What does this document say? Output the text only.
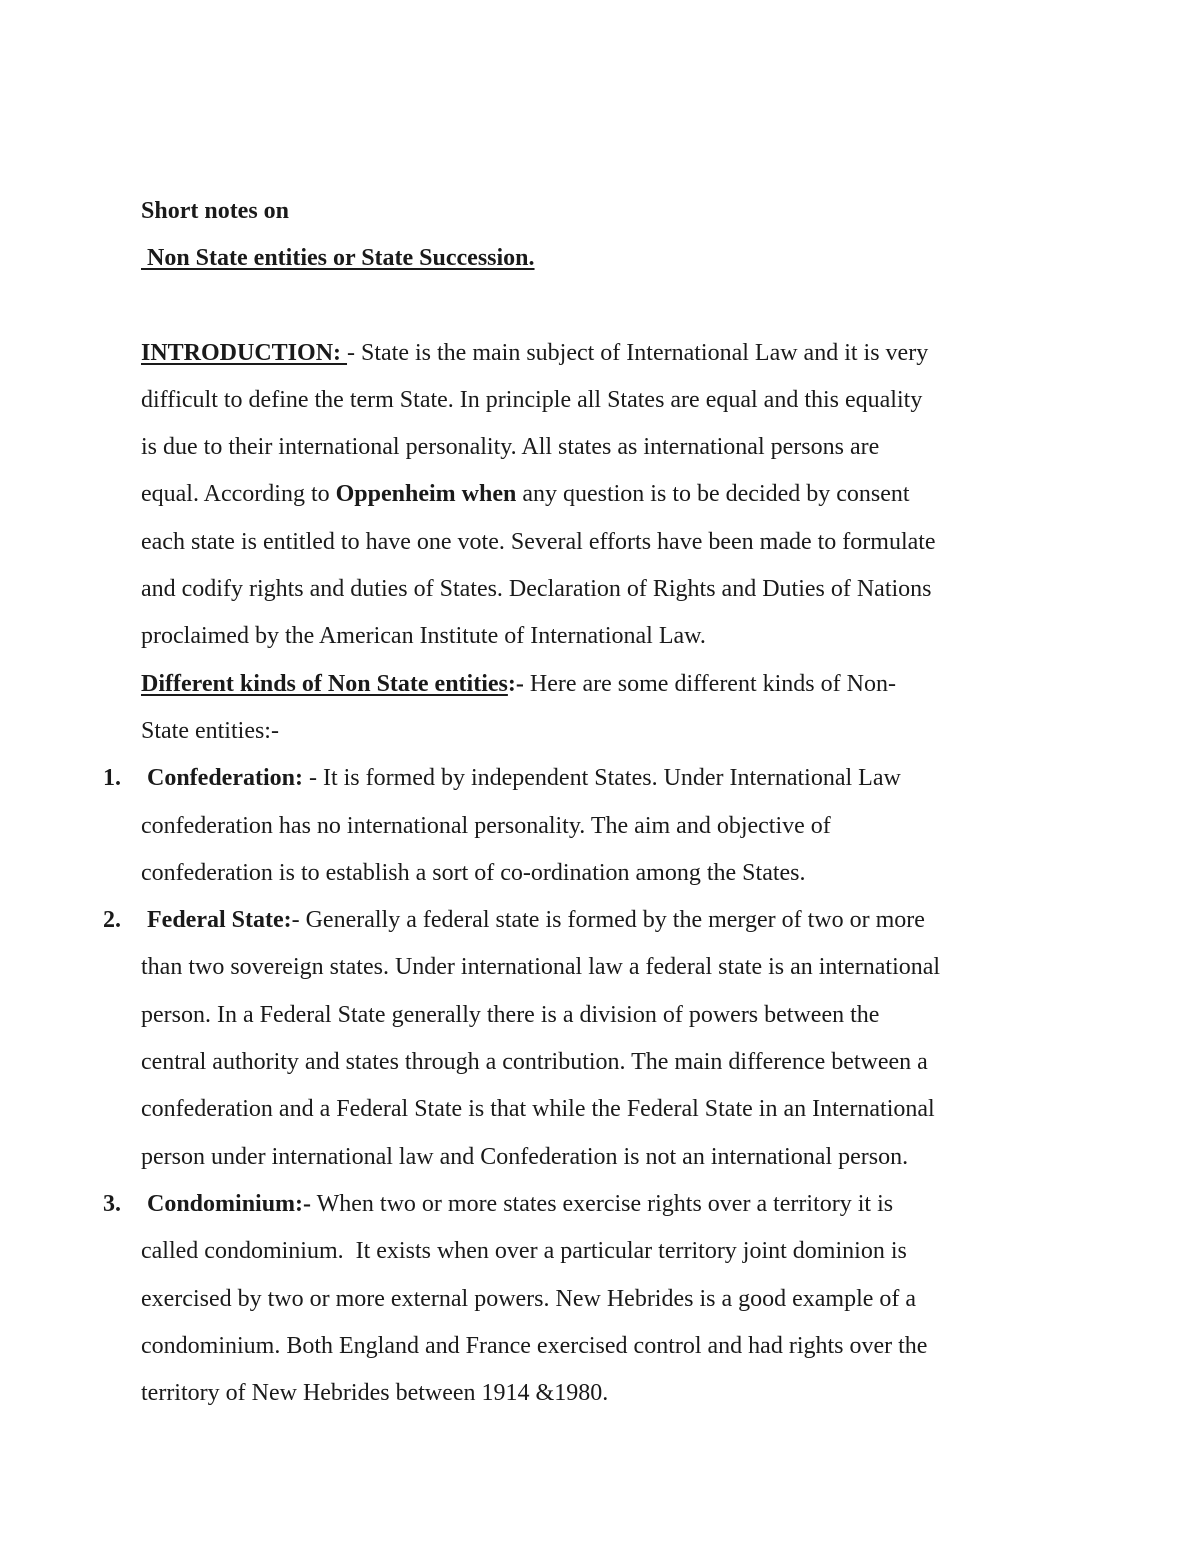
Short notes on

Non State entities or State Succession.

INTRODUCTION: - State is the main subject of International Law and it is very

difficult to define the term State. In principle all States are equal and this equality

is due to their international personality. All states as international persons are

equal. According to Oppenheim when any question is to be decided by consent

each state is entitled to have one vote. Several efforts have been made to formulate

and codify rights and duties of States. Declaration of Rights and Duties of Nations

proclaimed by the American Institute of International Law.

Different kinds of Non State entities:- Here are some different kinds of Non-

State entities:-

1. Confederation: - It is formed by independent States. Under International Law

confederation has no international personality. The aim and objective of

confederation is to establish a sort of co-ordination among the States.

2. Federal State:- Generally a federal state is formed by the merger of two or more

than two sovereign states. Under international law a federal state is an international

person. In a Federal State generally there is a division of powers between the

central authority and states through a contribution. The main difference between a

confederation and a Federal State is that while the Federal State in an International

person under international law and Confederation is not an international person.

3. Condominium:- When two or more states exercise rights over a territory it is

called condominium.  It exists when over a particular territory joint dominion is

exercised by two or more external powers. New Hebrides is a good example of a

condominium. Both England and France exercised control and had rights over the

territory of New Hebrides between 1914 &1980.
